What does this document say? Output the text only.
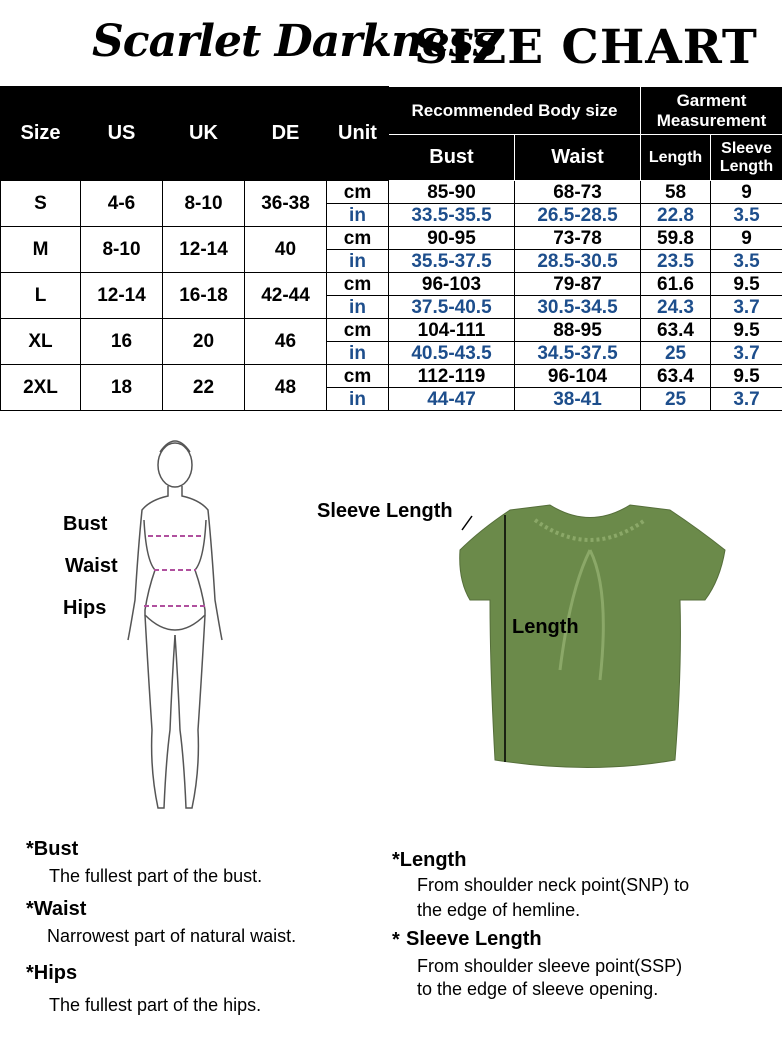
Scarlet Darkness
SIZE CHART
Size	US	UK	DE	Unit	Recommended Body size		Garment Measurement	
					Bust	Waist	Length	Sleeve Length
S	4-6	8-10	36-38	cm	85-90	68-73	58	9
				in	33.5-35.5	26.5-28.5	22.8	3.5
M	8-10	12-14	40	cm	90-95	73-78	59.8	9
				in	35.5-37.5	28.5-30.5	23.5	3.5
L	12-14	16-18	42-44	cm	96-103	79-87	61.6	9.5
				in	37.5-40.5	30.5-34.5	24.3	3.7
XL	16	20	46	cm	104-111	88-95	63.4	9.5
				in	40.5-43.5	34.5-37.5	25	3.7
2XL	18	22	48	cm	112-119	96-104	63.4	9.5
				in	44-47	38-41	25	3.7
Bust
Waist
Hips
Sleeve Length
Length
*Bust
The fullest part of the bust.
*Waist
Narrowest part of natural waist.
*Hips
The fullest part of the hips.
*Length
From shoulder neck point(SNP) to
the edge of hemline.
* Sleeve Length
From shoulder sleeve point(SSP)
to the edge of sleeve opening.
